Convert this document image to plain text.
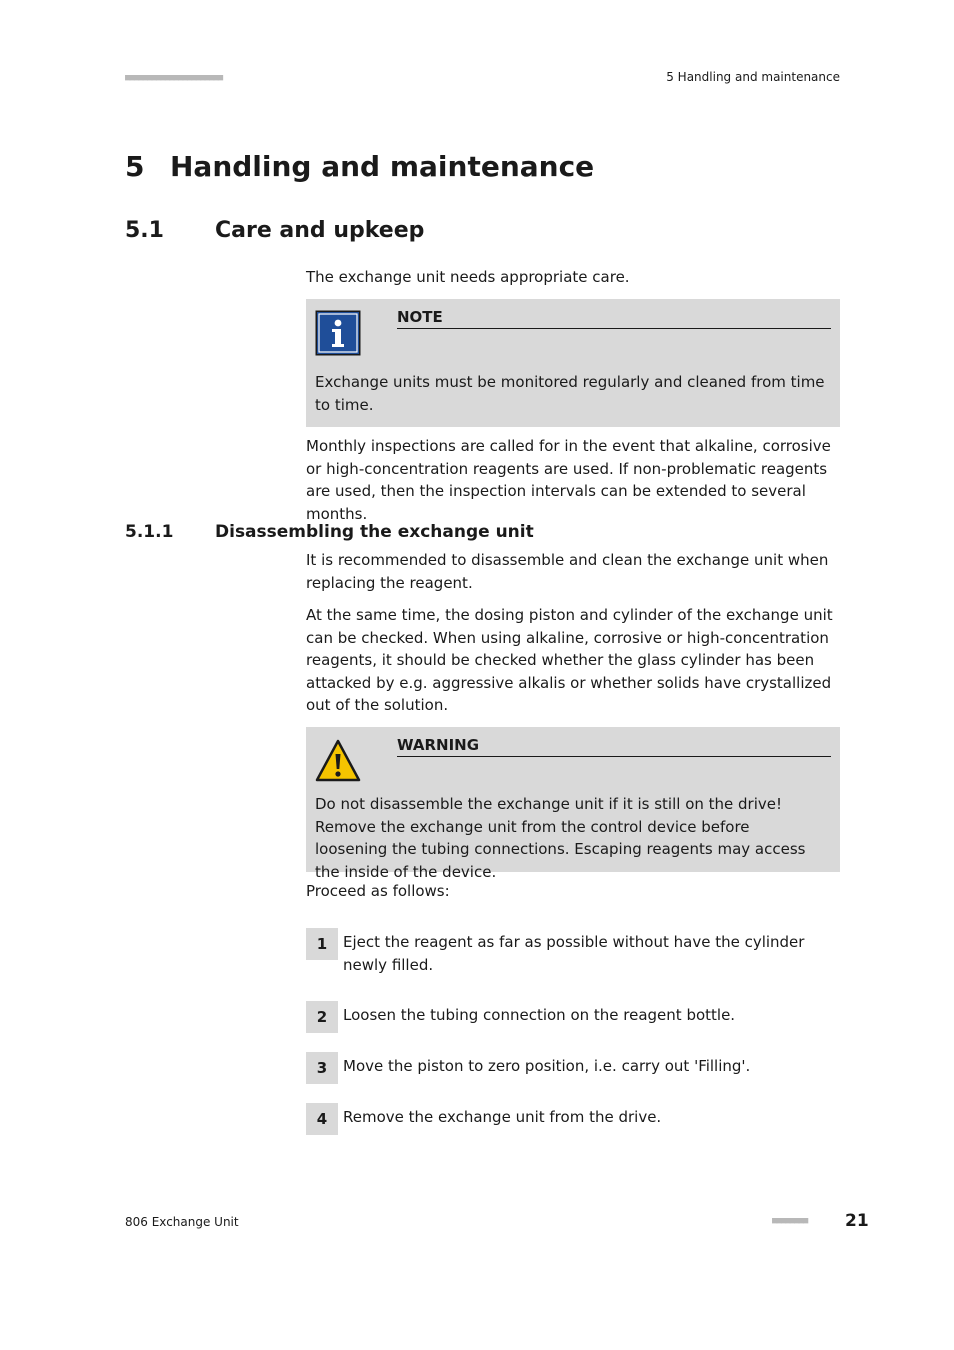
■■■■■■■■■■■■■■■■■■■■■■	5 Handling and maintenance
5 Handling and maintenance
5.1 Care and upkeep
The exchange unit needs appropriate care.
NOTE
Exchange units must be monitored regularly and cleaned from time to time.
Monthly inspections are called for in the event that alkaline, corrosive or high-concentration reagents are used. If non-problematic reagents are used, then the inspection intervals can be extended to several months.
5.1.1 Disassembling the exchange unit
It is recommended to disassemble and clean the exchange unit when replacing the reagent.
At the same time, the dosing piston and cylinder of the exchange unit can be checked. When using alkaline, corrosive or high-concentration reagents, it should be checked whether the glass cylinder has been attacked by e.g. aggressive alkalis or whether solids have crystallized out of the solution.
WARNING
Do not disassemble the exchange unit if it is still on the drive! Remove the exchange unit from the control device before loosening the tubing connections. Escaping reagents may access the inside of the device.
Proceed as follows:
1	Eject the reagent as far as possible without have the cylinder newly filled.
2	Loosen the tubing connection on the reagent bottle.
3	Move the piston to zero position, i.e. carry out 'Filling'.
4	Remove the exchange unit from the drive.
806 Exchange Unit	■■■■■■■■ 21
